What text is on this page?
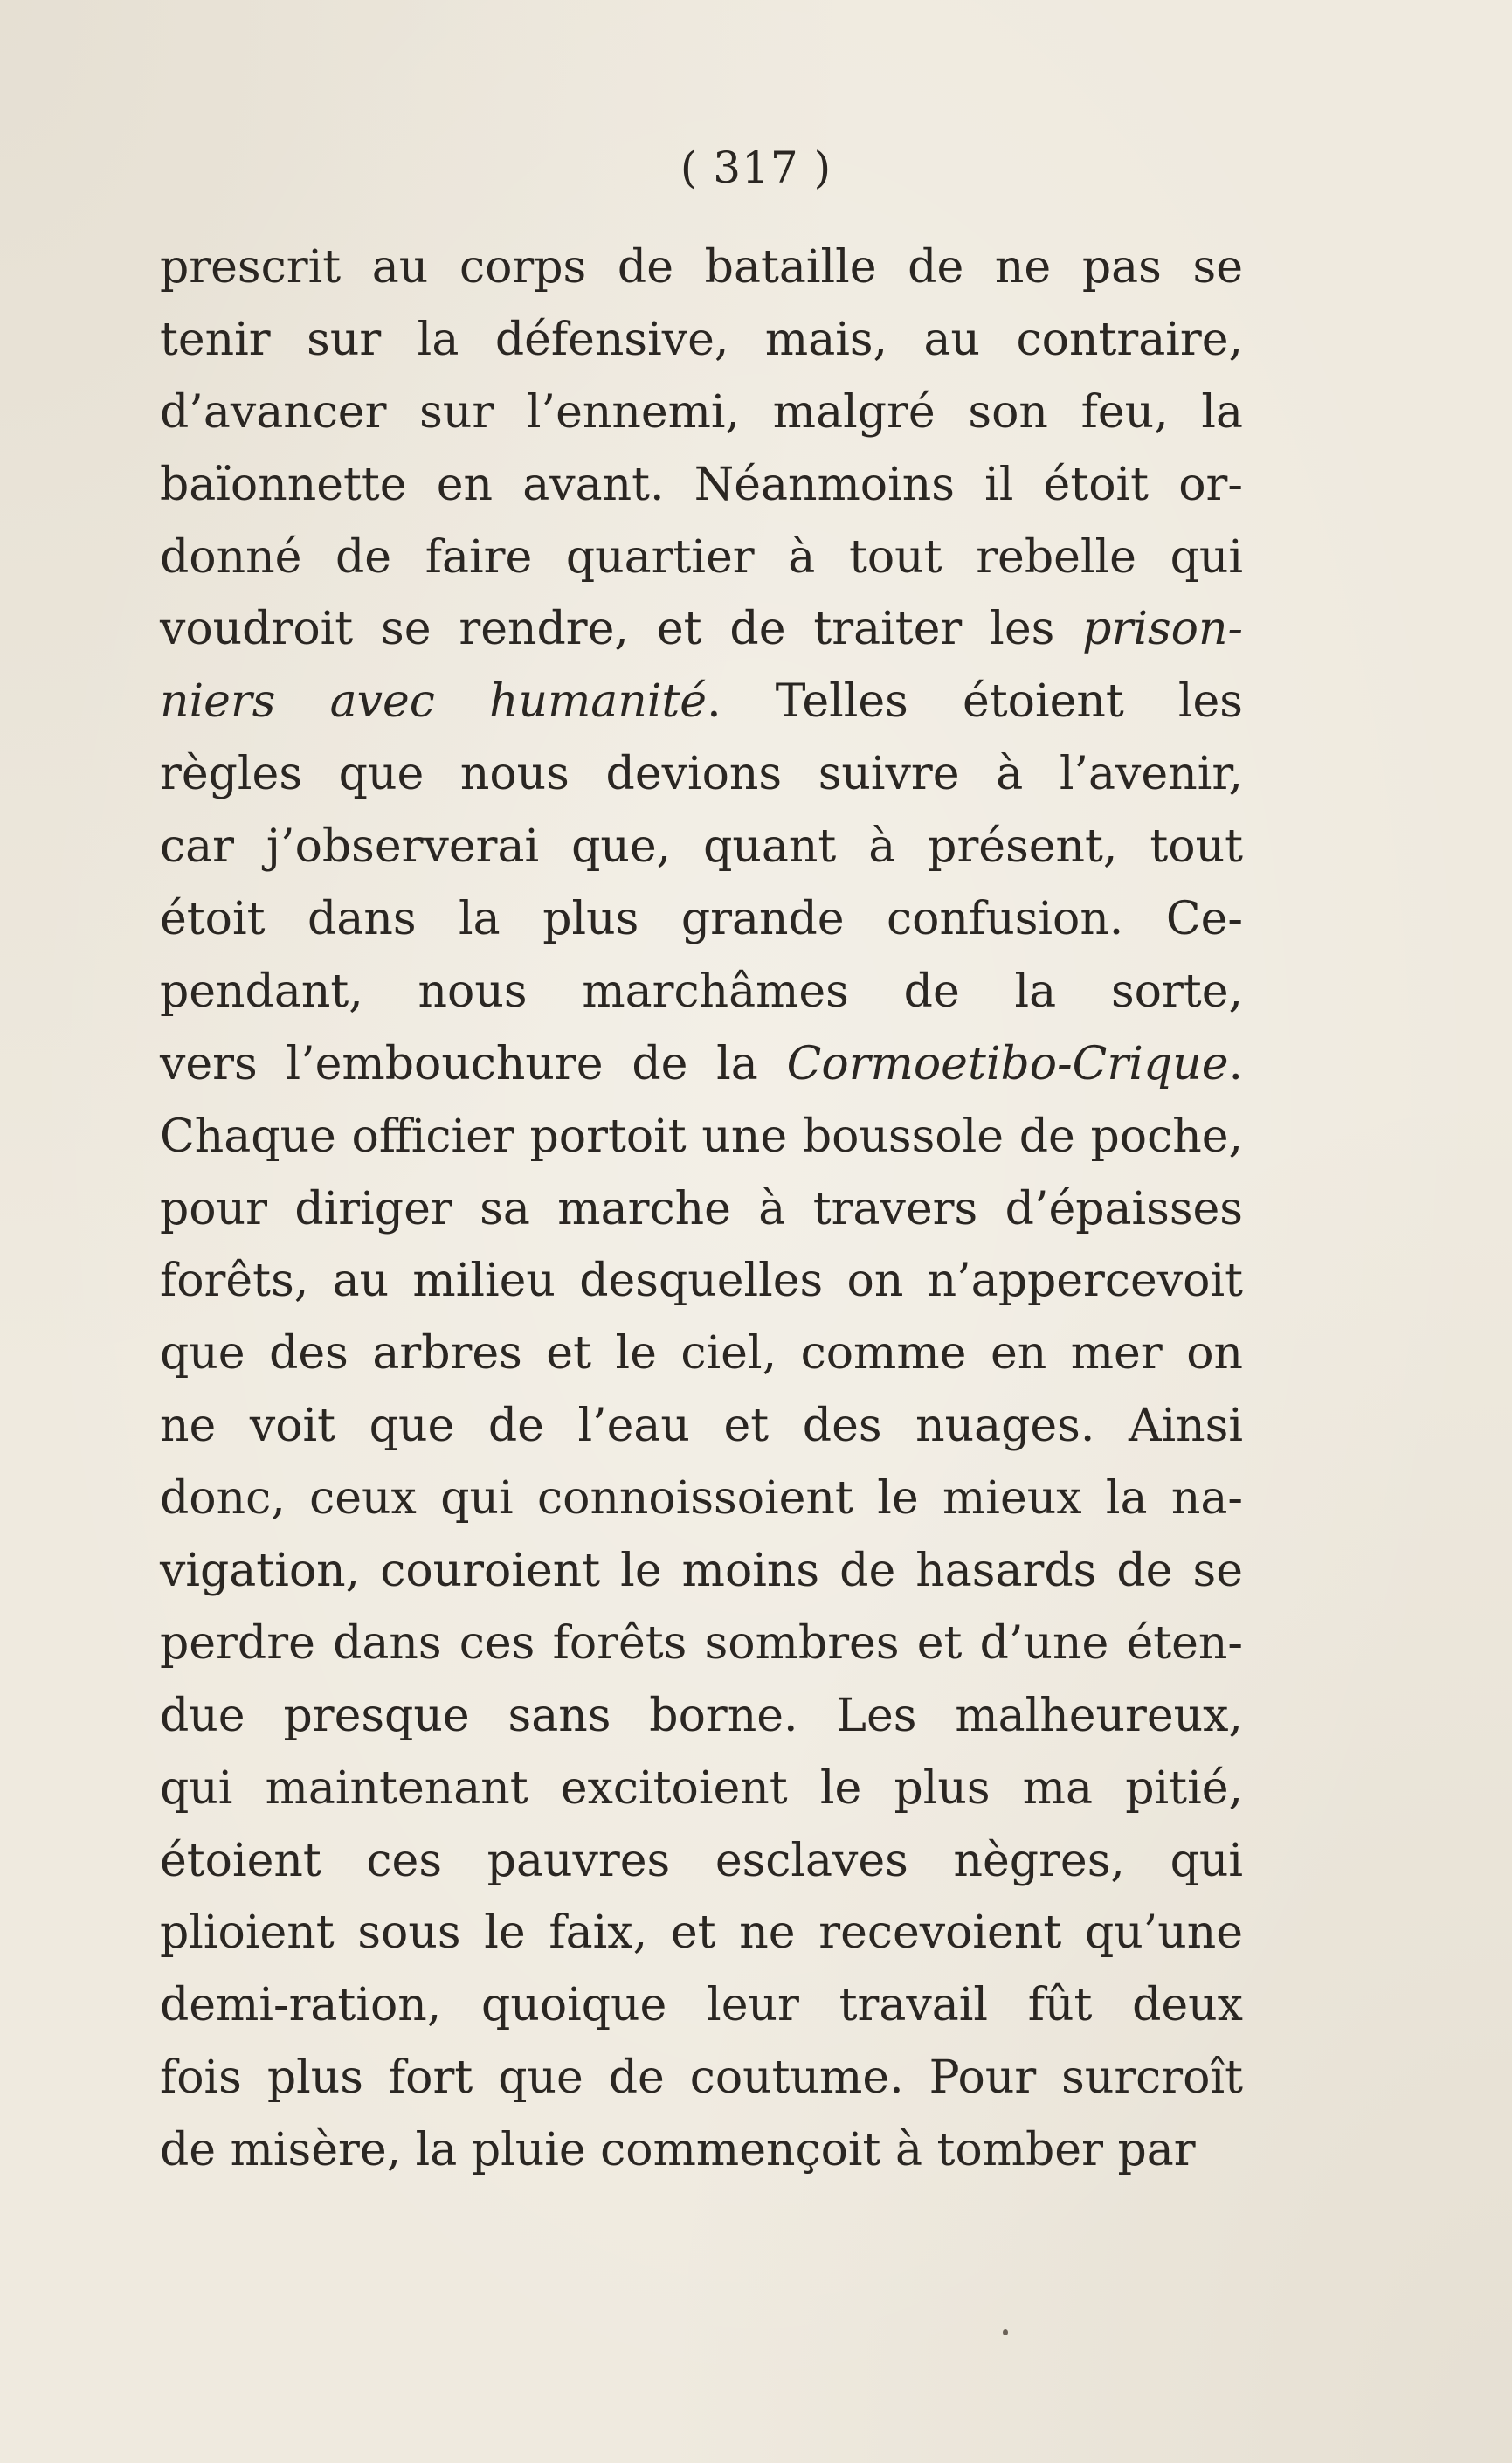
( 317 )
prescrit au corps de bataille de ne pas se
tenir sur la défensive, mais, au contraire,
d’avancer sur l’ennemi, malgré son feu, la
baïonnette en avant. Néanmoins il étoit or-
donné de faire quartier à tout rebelle qui
voudroit se rendre, et de traiter les prison-
niers avec humanité. Telles étoient les
règles que nous devions suivre à l’avenir,
car j’observerai que, quant à présent, tout
étoit dans la plus grande confusion. Ce-
pendant, nous marchâmes de la sorte,
vers l’embouchure de la Cormoetibo-Crique.
Chaque officier portoit une boussole de poche,
pour diriger sa marche à travers d’épaisses
forêts, au milieu desquelles on n’appercevoit
que des arbres et le ciel, comme en mer on
ne voit que de l’eau et des nuages. Ainsi
donc, ceux qui connoissoient le mieux la na-
vigation, couroient le moins de hasards de se
perdre dans ces forêts sombres et d’une éten-
due presque sans borne. Les malheureux,
qui maintenant excitoient le plus ma pitié,
étoient ces pauvres esclaves nègres, qui
plioient sous le faix, et ne recevoient qu’une
demi-ration, quoique leur travail fût deux
fois plus fort que de coutume. Pour surcroît
de misère, la pluie commençoit à tomber par
